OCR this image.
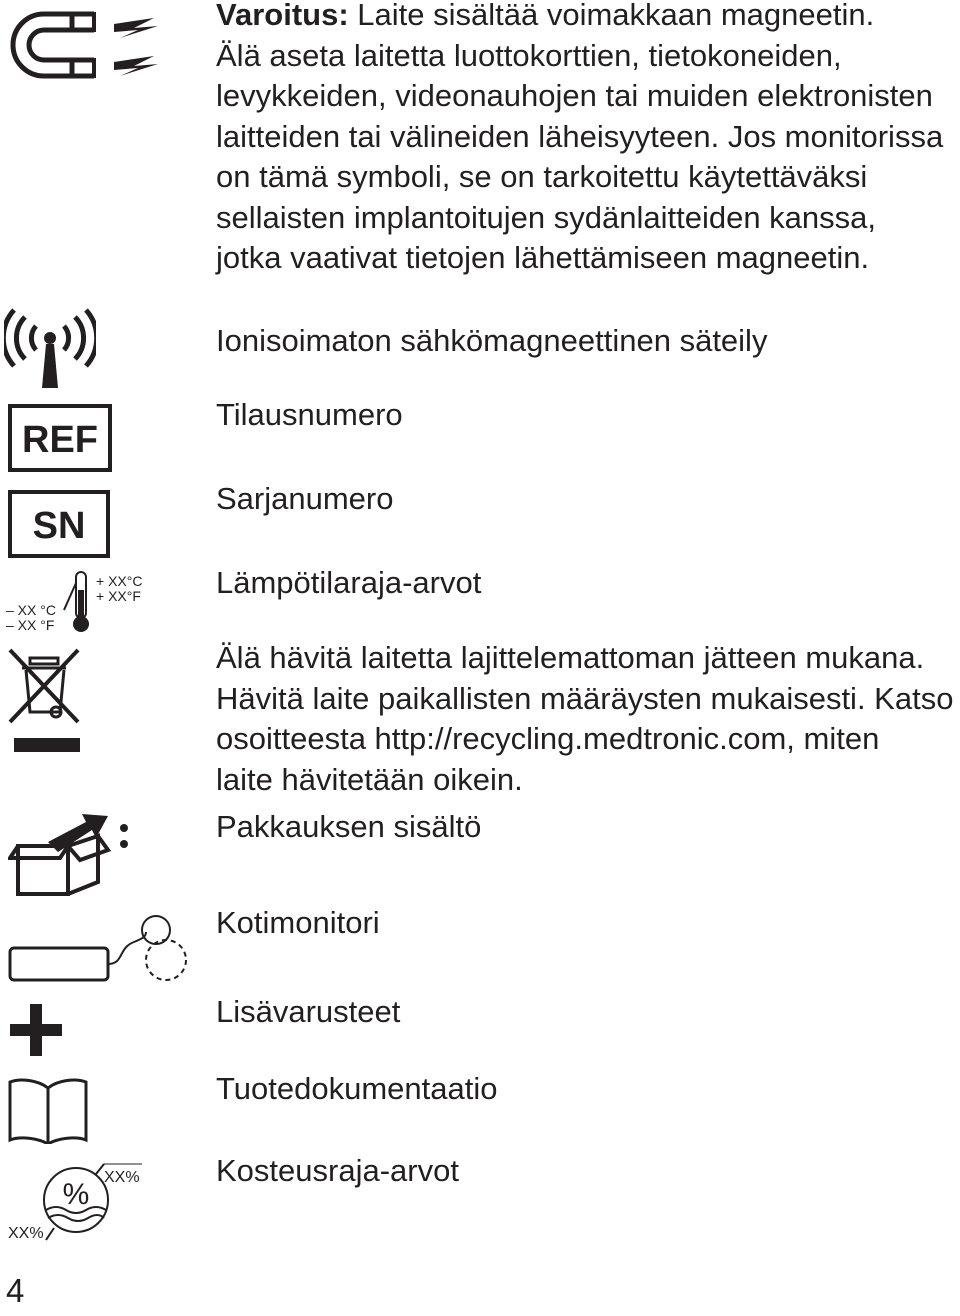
REF
SN
+ XX°C
+ XX°F
– XX °C
– XX °F
%
XX%
XX%
Varoitus: Laite sisältää voimakkaan magneetin.
Älä aseta laitetta luottokorttien, tietokoneiden,
levykkeiden, videonauhojen tai muiden elektronisten
laitteiden tai välineiden läheisyyteen. Jos monitorissa
on tämä symboli, se on tarkoitettu käytettäväksi
sellaisten implantoitujen sydänlaitteiden kanssa,
jotka vaativat tietojen lähettämiseen magneetin.
Ionisoimaton sähkömagneettinen säteily
Tilausnumero
Sarjanumero
Lämpötilaraja-arvot
Älä hävitä laitetta lajittelemattoman jätteen mukana.
Hävitä laite paikallisten määräysten mukaisesti. Katso
osoitteesta http://recycling.medtronic.com, miten
laite hävitetään oikein.
Pakkauksen sisältö
Kotimonitori
Lisävarusteet
Tuotedokumentaatio
Kosteusraja-arvot
4
